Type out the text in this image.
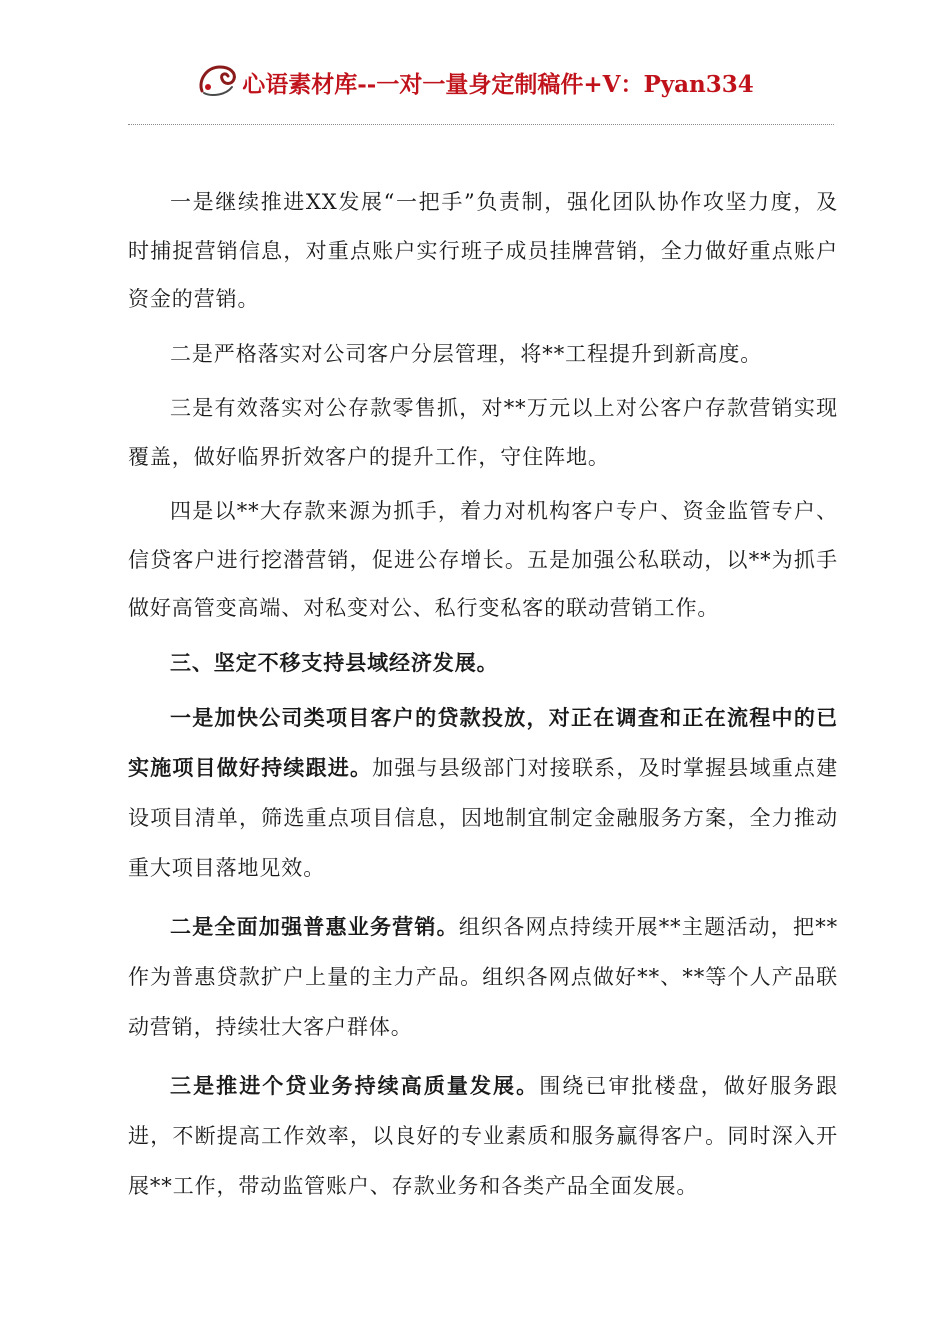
心语素材库--一对一量身定制稿件+V：Pyan334

一是继续推进XX发展“一把手”负责制，强化团队协作攻坚力度，及时捕捉营销信息，对重点账户实行班子成员挂牌营销，全力做好重点账户资金的营销。

二是严格落实对公司客户分层管理，将**工程提升到新高度。

三是有效落实对公存款零售抓，对**万元以上对公客户存款营销实现覆盖，做好临界折效客户的提升工作，守住阵地。

四是以**大存款来源为抓手，着力对机构客户专户、资金监管专户、信贷客户进行挖潜营销，促进公存增长。五是加强公私联动，以**为抓手做好高管变高端、对私变对公、私行变私客的联动营销工作。

三、坚定不移支持县域经济发展。

一是加快公司类项目客户的贷款投放，对正在调查和正在流程中的已实施项目做好持续跟进。加强与县级部门对接联系，及时掌握县域重点建设项目清单，筛选重点项目信息，因地制宜制定金融服务方案，全力推动重大项目落地见效。

二是全面加强普惠业务营销。组织各网点持续开展**主题活动，把**作为普惠贷款扩户上量的主力产品。组织各网点做好**、**等个人产品联动营销，持续壮大客户群体。

三是推进个贷业务持续高质量发展。围绕已审批楼盘，做好服务跟进，不断提高工作效率，以良好的专业素质和服务赢得客户。同时深入开展**工作，带动监管账户、存款业务和各类产品全面发展。
